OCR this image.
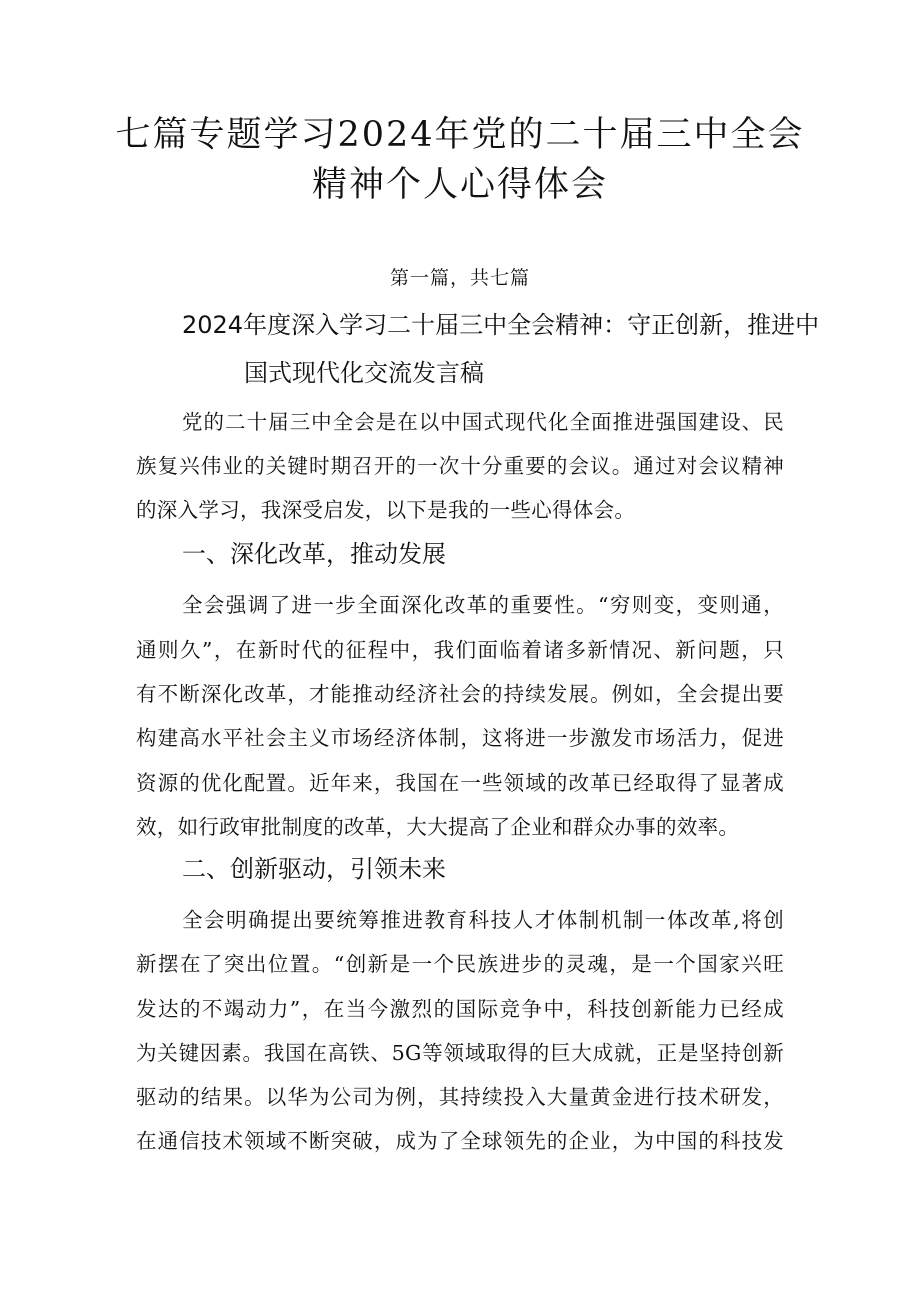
七篇专题学习2024年党的二十届三中全会
精神个人心得体会
第一篇，共七篇
2024年度深入学习二十届三中全会精神：守正创新，推进中
国式现代化交流发言稿
党的二十届三中全会是在以中国式现代化全面推进强国建设、民
族复兴伟业的关键时期召开的一次十分重要的会议。通过对会议精神
的深入学习，我深受启发，以下是我的一些心得体会。
一、深化改革，推动发展
全会强调了进一步全面深化改革的重要性。“穷则变，变则通，
通则久”，在新时代的征程中，我们面临着诸多新情况、新问题，只
有不断深化改革，才能推动经济社会的持续发展。例如，全会提出要
构建高水平社会主义市场经济体制，这将进一步激发市场活力，促进
资源的优化配置。近年来，我国在一些领域的改革已经取得了显著成
效，如行政审批制度的改革，大大提高了企业和群众办事的效率。
二、创新驱动，引领未来
全会明确提出要统筹推进教育科技人才体制机制一体改革,将创
新摆在了突出位置。“创新是一个民族进步的灵魂，是一个国家兴旺
发达的不竭动力”，在当今激烈的国际竞争中，科技创新能力已经成
为关键因素。我国在高铁、5G等领域取得的巨大成就，正是坚持创新
驱动的结果。以华为公司为例，其持续投入大量黄金进行技术研发，
在通信技术领域不断突破，成为了全球领先的企业，为中国的科技发
